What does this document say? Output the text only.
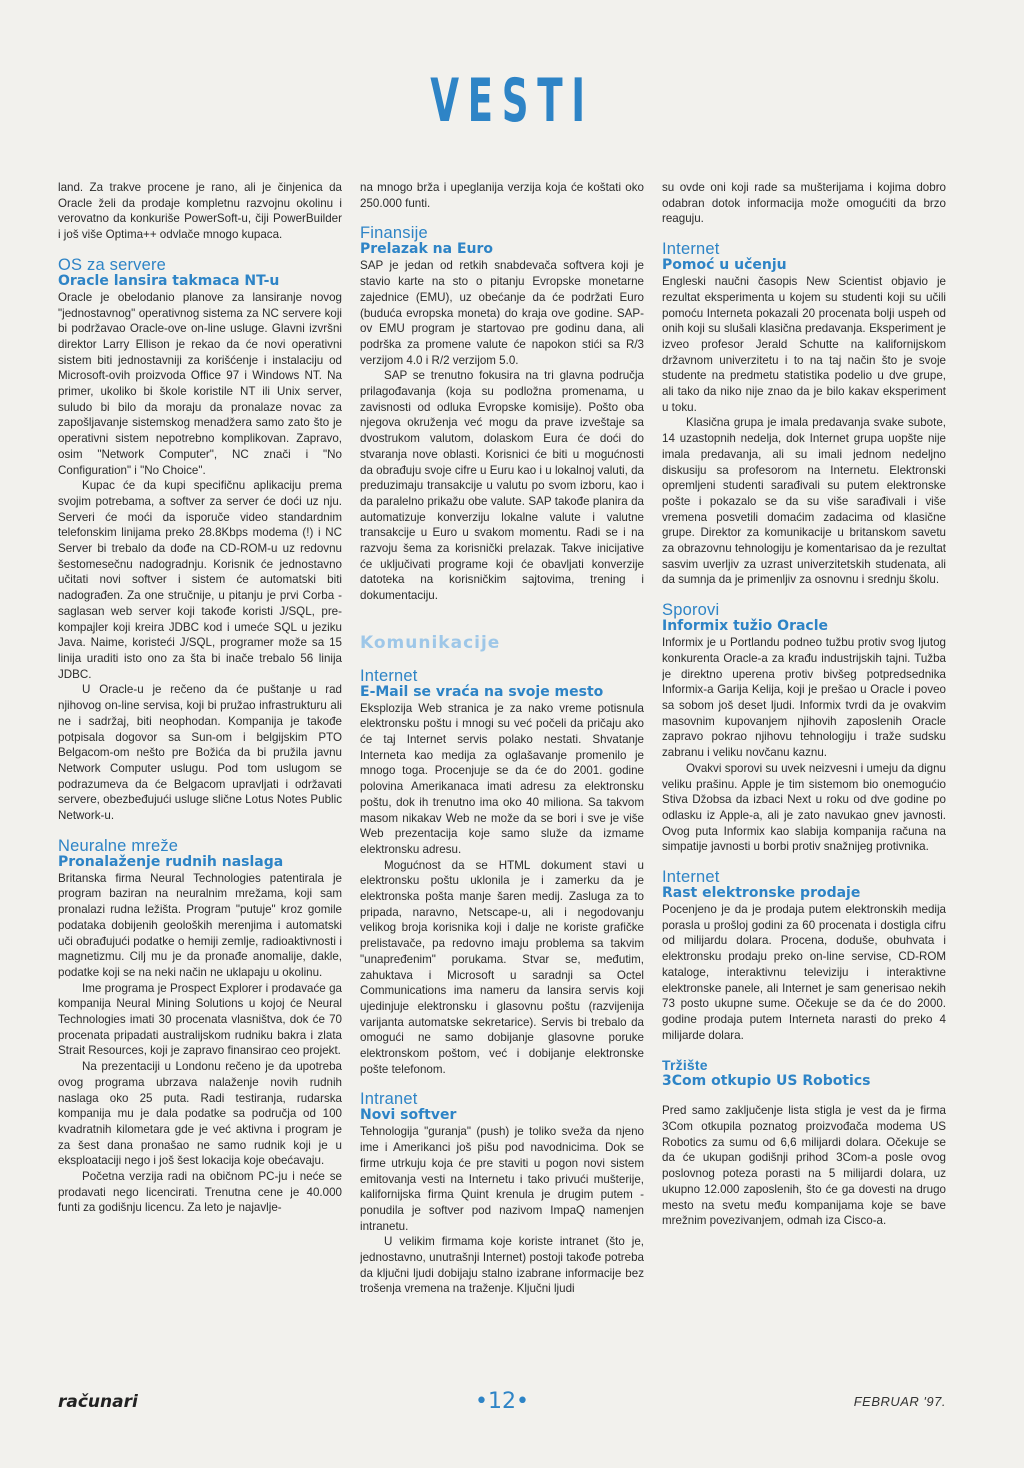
VESTI

land. Za trakve procene je rano, ali je činjenica da Oracle želi da prodaje kompletnu razvojnu okolinu i verovatno da konkuriše PowerSoft-u, čiji PowerBuilder i još više Optima++ odvlače mnogo kupaca.

OS za servere
Oracle lansira takmaca NT-u

Oracle je obelodanio planove za lansiranje novog "jednostavnog" operativnog sistema za NC servere koji bi podržavao Oracle-ove on-line usluge. Glavni izvršni direktor Larry Ellison je rekao da će novi operativni sistem biti jednostavniji za korišćenje i instalaciju od Microsoft-ovih proizvoda Office 97 i Windows NT. Na primer, ukoliko bi škole koristile NT ili Unix server, suludo bi bilo da moraju da pronalaze novac za zapošljavanje sistemskog menadžera samo zato što je operativni sistem nepotrebno komplikovan. Zapravo, osim "Network Computer", NC znači i "No Configuration" i "No Choice".

Kupac će da kupi specifičnu aplikaciju prema svojim potrebama, a softver za server će doći uz nju. Serveri će moći da isporuče video standardnim telefonskim linijama preko 28.8Kbps modema (!) i NC Server bi trebalo da dođe na CD-ROM-u uz redovnu šestomesečnu nadogradnju. Korisnik će jednostavno učitati novi softver i sistem će automatski biti nadograđen. Za one stručnije, u pitanju je prvi Corba - saglasan web server koji takođe koristi J/SQL, pre-kompajler koji kreira JDBC kod i umeće SQL u jeziku Java. Naime, koristeći J/SQL, programer može sa 15 linija uraditi isto ono za šta bi inače trebalo 56 linija JDBC.

U Oracle-u je rečeno da će puštanje u rad njihovog on-line servisa, koji bi pružao infrastrukturu ali ne i sadržaj, biti neophodan. Kompanija je takođe potpisala dogovor sa Sun-om i belgijskim PTO Belgacom-om nešto pre Božića da bi pružila javnu Network Computer uslugu. Pod tom uslugom se podrazumeva da će Belgacom upravljati i održavati servere, obezbeđujući usluge slične Lotus Notes Public Network-u.

Neuralne mreže
Pronalaženje rudnih naslaga

Britanska firma Neural Technologies patentirala je program baziran na neuralnim mrežama, koji sam pronalazi rudna ležišta. Program "putuje" kroz gomile podataka dobijenih geoloških merenjima i automatski uči obrađujući podatke o hemiji zemlje, radioaktivnosti i magnetizmu. Cilj mu je da pronađe anomalije, dakle, podatke koji se na neki način ne uklapaju u okolinu.

Ime programa je Prospect Explorer i prodavaće ga kompanija Neural Mining Solutions u kojoj će Neural Technologies imati 30 procenata vlasništva, dok će 70 procenata pripadati australijskom rudniku bakra i zlata Strait Resources, koji je zapravo finansirao ceo projekt.

Na prezentaciji u Londonu rečeno je da upotreba ovog programa ubrzava nalaženje novih rudnih naslaga oko 25 puta. Radi testiranja, rudarska kompanija mu je dala podatke sa područja od 100 kvadratnih kilometara gde je već aktivna i program je za šest dana pronašao ne samo rudnik koji je u eksploataciji nego i još šest lokacija koje obećavaju.

Početna verzija radi na običnom PC-ju i neće se prodavati nego licencirati. Trenutna cene je 40.000 funti za godišnju licencu. Za leto je najavlje-

na mnogo brža i upeglanija verzija koja će koštati oko 250.000 funti.

Finansije
Prelazak na Euro

SAP je jedan od retkih snabdevača softvera koji je stavio karte na sto o pitanju Evropske monetarne zajednice (EMU), uz obećanje da će podržati Euro (buduća evropska moneta) do kraja ove godine. SAP-ov EMU program je startovao pre godinu dana, ali podrška za promene valute će napokon stići sa R/3 verzijom 4.0 i R/2 verzijom 5.0.

SAP se trenutno fokusira na tri glavna područja prilagođavanja (koja su podložna promenama, u zavisnosti od odluka Evropske komisije). Pošto oba njegova okruženja već mogu da prave izveštaje sa dvostrukom valutom, dolaskom Eura će doći do stvaranja nove oblasti. Korisnici će biti u mogućnosti da obrađuju svoje cifre u Euru kao i u lokalnoj valuti, da preduzimaju transakcije u valutu po svom izboru, kao i da paralelno prikažu obe valute. SAP takođe planira da automatizuje konverziju lokalne valute i valutne transakcije u Euro u svakom momentu. Radi se i na razvoju šema za korisnički prelazak. Takve inicijative će uključivati programe koji će obavljati konverzije datoteka na korisničkim sajtovima, trening i dokumentaciju.

Komunikacije
Internet
E-Mail se vraća na svoje mesto

Eksplozija Web stranica je za nako vreme potisnula elektronsku poštu i mnogi su već počeli da pričaju ako će taj Internet servis polako nestati. Shvatanje Interneta kao medija za oglašavanje promenilo je mnogo toga. Procenjuje se da će do 2001. godine polovina Amerikanaca imati adresu za elektronsku poštu, dok ih trenutno ima oko 40 miliona. Sa takvom masom nikakav Web ne može da se bori i sve je više Web prezentacija koje samo služe da izmame elektronsku adresu.

Mogućnost da se HTML dokument stavi u elektronsku poštu uklonila je i zamerku da je elektronska pošta manje šaren medij. Zasluga za to pripada, naravno, Netscape-u, ali i negodovanju velikog broja korisnika koji i dalje ne koriste grafičke prelistavače, pa redovno imaju problema sa takvim "unapređenim" porukama. Stvar se, međutim, zahuktava i Microsoft u saradnji sa Octel Communications ima nameru da lansira servis koji ujedinjuje elektronsku i glasovnu poštu (razvijenija varijanta automatske sekretarice). Servis bi trebalo da omogući ne samo dobijanje glasovne poruke elektronskom poštom, već i dobijanje elektronske pošte telefonom.

Intranet
Novi softver

Tehnologija "guranja" (push) je toliko sveža da njeno ime i Amerikanci još pišu pod navodnicima. Dok se firme utrkuju koja će pre staviti u pogon novi sistem emitovanja vesti na Internetu i tako privući mušterije, kalifornijska firma Quint krenula je drugim putem - ponudila je softver pod nazivom ImpaQ namenjen intranetu.

U velikim firmama koje koriste intranet (što je, jednostavno, unutrašnji Internet) postoji takođe potreba da ključni ljudi dobijaju stalno izabrane informacije bez trošenja vremena na traženje. Ključni ljudi

su ovde oni koji rade sa mušterijama i kojima dobro odabran dotok informacija može omogućiti da brzo reaguju.

Internet
Pomoć u učenju

Engleski naučni časopis New Scientist objavio je rezultat eksperimenta u kojem su studenti koji su učili pomoću Interneta pokazali 20 procenata bolji uspeh od onih koji su slušali klasična predavanja. Eksperiment je izveo profesor Jerald Schutte na kalifornijskom državnom univerzitetu i to na taj način što je svoje studente na predmetu statistika podelio u dve grupe, ali tako da niko nije znao da je bilo kakav eksperiment u toku.

Klasična grupa je imala predavanja svake subote, 14 uzastopnih nedelja, dok Internet grupa uopšte nije imala predavanja, ali su imali jednom nedeljno diskusiju sa profesorom na Internetu. Elektronski opremljeni studenti sarađivali su putem elektronske pošte i pokazalo se da su više sarađivali i više vremena posvetili domaćim zadacima od klasične grupe. Direktor za komunikacije u britanskom savetu za obrazovnu tehnologiju je komentarisao da je rezultat sasvim uverljiv za uzrast univerzitetskih studenata, ali da sumnja da je primenljiv za osnovnu i srednju školu.

Sporovi
Informix tužio Oracle

Informix je u Portlandu podneo tužbu protiv svog ljutog konkurenta Oracle-a za krađu industrijskih tajni. Tužba je direktno uperena protiv bivšeg potpredsednika Informix-a Garija Kelija, koji je prešao u Oracle i poveo sa sobom još deset ljudi. Informix tvrdi da je ovakvim masovnim kupovanjem njihovih zaposlenih Oracle zapravo pokrao njihovu tehnologiju i traže sudsku zabranu i veliku novčanu kaznu.

Ovakvi sporovi su uvek neizvesni i umeju da dignu veliku prašinu. Apple je tim sistemom bio onemogućio Stiva Džobsa da izbaci Next u roku od dve godine po odlasku iz Apple-a, ali je zato navukao gnev javnosti. Ovog puta Informix kao slabija kompanija računa na simpatije javnosti u borbi protiv snažnijeg protivnika.

Internet
Rast elektronske prodaje

Pocenjeno je da je prodaja putem elektronskih medija porasla u prošloj godini za 60 procenata i dostigla cifru od milijardu dolara. Procena, doduše, obuhvata i elektronsku prodaju preko on-line servise, CD-ROM kataloge, interaktivnu televiziju i interaktivne elektronske panele, ali Internet je sam generisao nekih 73 posto ukupne sume. Očekuje se da će do 2000. godine prodaja putem Interneta narasti do preko 4 milijarde dolara.

Tržište
3Com otkupio US Robotics

Pred samo zaključenje lista stigla je vest da je firma 3Com otkupila poznatog proizvođača modema US Robotics za sumu od 6,6 milijardi dolara. Očekuje se da će ukupan godišnji prihod 3Com-a posle ovog poslovnog poteza porasti na 5 milijardi dolara, uz ukupno 12.000 zaposlenih, što će ga dovesti na drugo mesto na svetu među kompanijama koje se bave mrežnim povezivanjem, odmah iza Cisco-a.

računari	•12•	FEBRUAR '97.
